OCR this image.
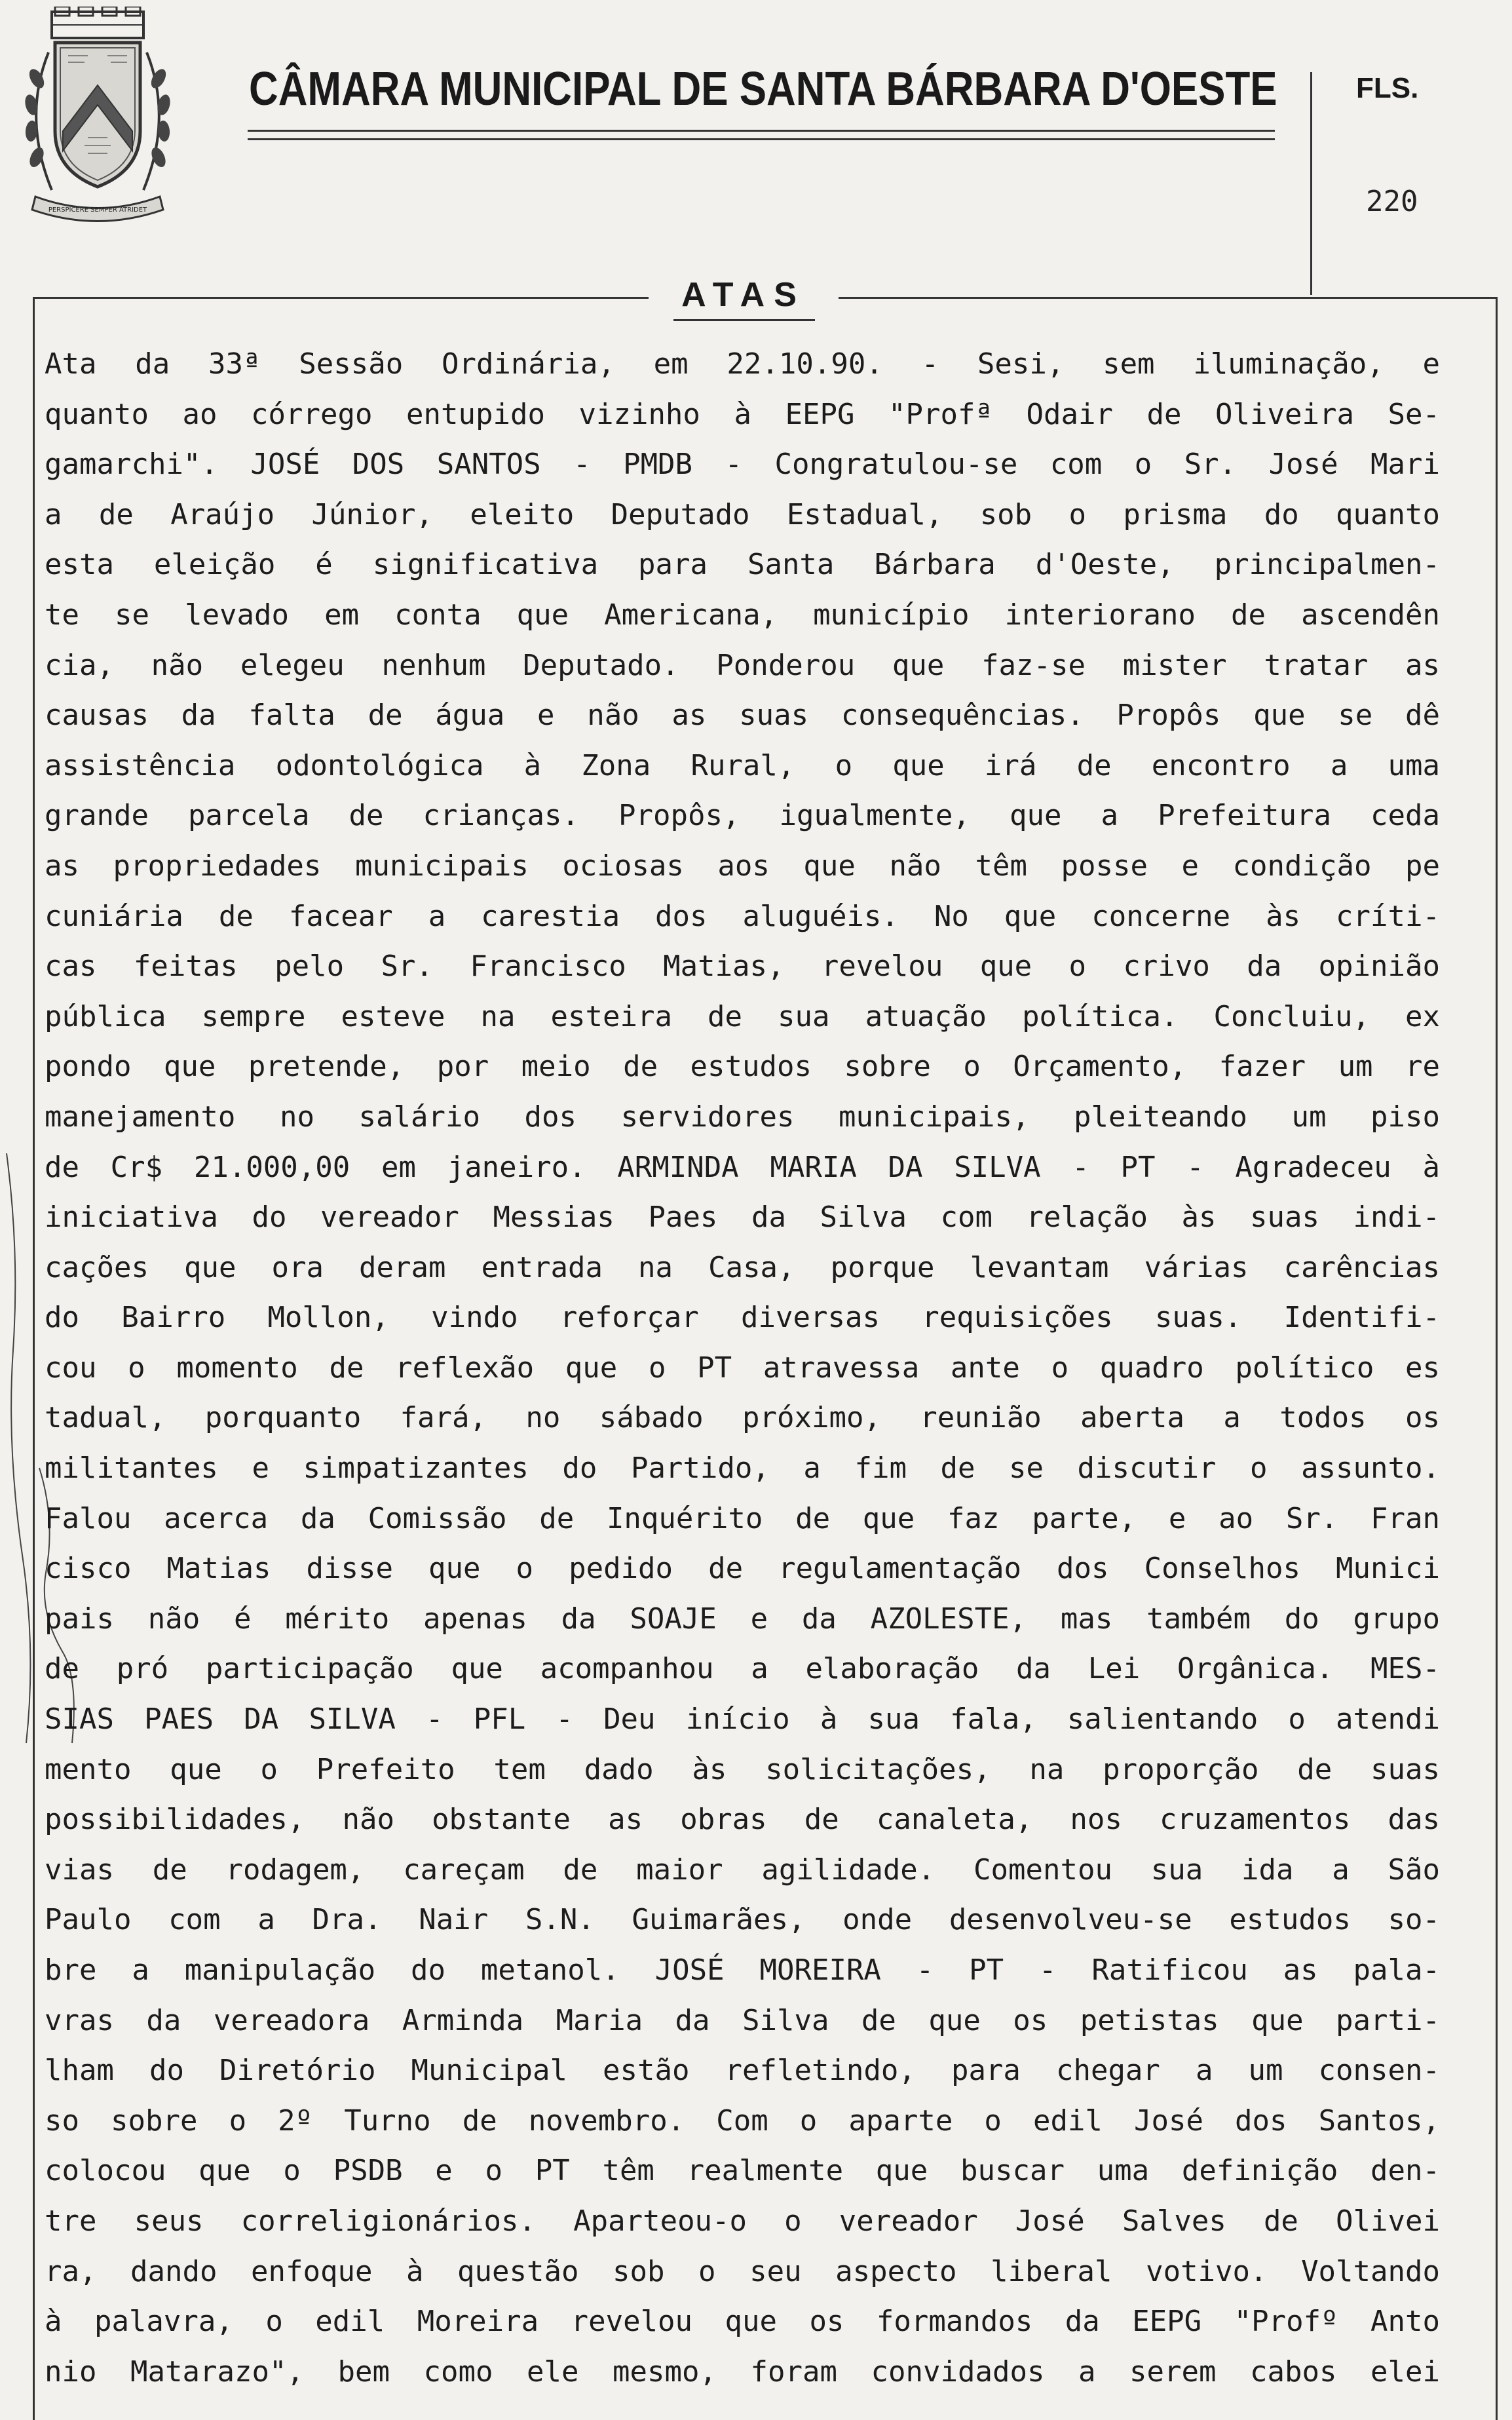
PERSPICERE SEMPER ATRIDET
CÂMARA MUNICIPAL DE SANTA BÁRBARA D'OESTE	FLS.
220
ATAS
Ata da 33ª Sessão Ordinária, em 22.10.90. - Sesi, sem iluminação, e
quanto ao córrego entupido vizinho à EEPG "Profª Odair de Oliveira Se-
gamarchi". JOSÉ DOS SANTOS - PMDB - Congratulou-se com o Sr. José Mari
a de Araújo Júnior, eleito Deputado Estadual, sob o prisma do quanto
esta eleição é significativa para Santa Bárbara d'Oeste, principalmen-
te se levado em conta que Americana, município interiorano de ascendên
cia, não elegeu nenhum Deputado. Ponderou que faz-se mister tratar as
causas da falta de água e não as suas consequências. Propôs que se dê
assistência odontológica à Zona Rural, o que irá de encontro a uma
grande parcela de crianças. Propôs, igualmente, que a Prefeitura ceda
as propriedades municipais ociosas aos que não têm posse e condição pe
cuniária de facear a carestia dos aluguéis. No que concerne às críti-
cas feitas pelo Sr. Francisco Matias, revelou que o crivo da opinião
pública sempre esteve na esteira de sua atuação política. Concluiu, ex
pondo que pretende, por meio de estudos sobre o Orçamento, fazer um re
manejamento no salário dos servidores municipais, pleiteando um piso
de Cr$ 21.000,00 em janeiro. ARMINDA MARIA DA SILVA - PT - Agradeceu à
iniciativa do vereador Messias Paes da Silva com relação às suas indi-
cações que ora deram entrada na Casa, porque levantam várias carências
do Bairro Mollon, vindo reforçar diversas requisições suas. Identifi-
cou o momento de reflexão que o PT atravessa ante o quadro político es
tadual, porquanto fará, no sábado próximo, reunião aberta a todos os
militantes e simpatizantes do Partido, a fim de se discutir o assunto.
Falou acerca da Comissão de Inquérito de que faz parte, e ao Sr. Fran
cisco Matias disse que o pedido de regulamentação dos Conselhos Munici
pais não é mérito apenas da SOAJE e da AZOLESTE, mas também do grupo
de pró participação que acompanhou a elaboração da Lei Orgânica. MES-
SIAS PAES DA SILVA - PFL - Deu início à sua fala, salientando o atendi
mento que o Prefeito tem dado às solicitações, na proporção de suas
possibilidades, não obstante as obras de canaleta, nos cruzamentos das
vias de rodagem, careçam de maior agilidade. Comentou sua ida a São
Paulo com a Dra. Nair S.N. Guimarães, onde desenvolveu-se estudos so-
bre a manipulação do metanol. JOSÉ MOREIRA - PT - Ratificou as pala-
vras da vereadora Arminda Maria da Silva de que os petistas que parti-
lham do Diretório Municipal estão refletindo, para chegar a um consen-
so sobre o 2º Turno de novembro. Com o aparte o edil José dos Santos,
colocou que o PSDB e o PT têm realmente que buscar uma definição den-
tre seus correligionários. Aparteou-o o vereador José Salves de Olivei
ra, dando enfoque à questão sob o seu aspecto liberal votivo. Voltando
à palavra, o edil Moreira revelou que os formandos da EEPG "Profº Anto
nio Matarazo", bem como ele mesmo, foram convidados a serem cabos elei
